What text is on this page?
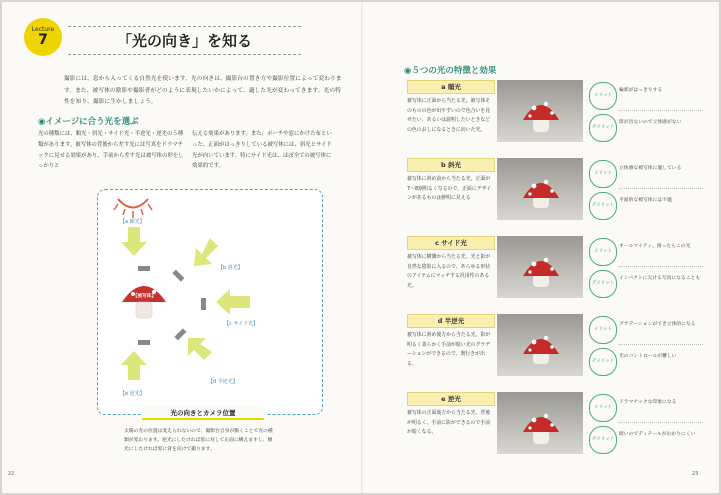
Lecture
7	「光の向き」を知る
撮影には、窓から入ってくる自然光を使います。光の向きは、撮影台の置き方や撮影位置によって変わります。また、被写体の陰影や撮影者がどのように表現したいかによって、適した光が変わってきます。光の特性を知り、撮影に生かしましょう。
◉イメージに合う光を選ぶ
光の種類には、順光・斜光・サイド光・半逆光・逆光の５種類があります。被写体の背後から差す光には写真をドラマチックに見せる効果があり、手前から差す光は被写体の形をしっかりと
伝える効果があります。また、ポーチや窓にかけた布といった、正面がはっきりしている被写体には、斜光とサイド光が向いています。特にサイド光は、ほぼ全ての被写体に効果的です。
【a 順光】
【b 斜光】
【c サイド光】
【d 半逆光】
【e 逆光】
【被写体】
光の向きとカメラ位置
太陽の光の位置は変えられないので、撮影台自身が動くことで光の種類が変わります。逆光にしたければ窓に対して正面に構えますし、順光にしたければ窓に背を向けて撮ります。
22
◉５つの光の特徴と効果
a 順光
被写体に正面から当たる光。被写体そのものの色が出やすいので色合いを見せたい、あるいは説明したいときなどの色のおしになるときに向いた光。
メリット
輪郭がはっきりする
デメリット
影が出ないので立体感がない
b 斜光
被写体に斜め前から当たる光。正面が7〜8割明るく写るので、正面にデザインがあるものは鮮明に見える
メリット
立体感な被写体に適している
デメリット
平面的な被写体には不適
c サイド光
被写体に横側から当たる光。光と影が自然な陰影に入るので、あらゆる形状のアイテムにマッチする汎用性のある光。
メリット
オールマイティ。困ったらこの光
デメリット
インパクトに欠ける写真になることも
d 半逆光
被写体に斜め後方から当たる光。影が明るく柔らかく手前が暗い光のグラデーションができるので、奥行きが出る。
メリット
グラデーションができ立体的になる
デメリット
光のコントロールが難しい
e 逆光
被写体の正面後方から当たる光。背後が明るく、手前に影ができるので手前が暗くなる。
メリット
ドラマチックな印象になる
デメリット
暗いのでディテールがわかりにくい
23
